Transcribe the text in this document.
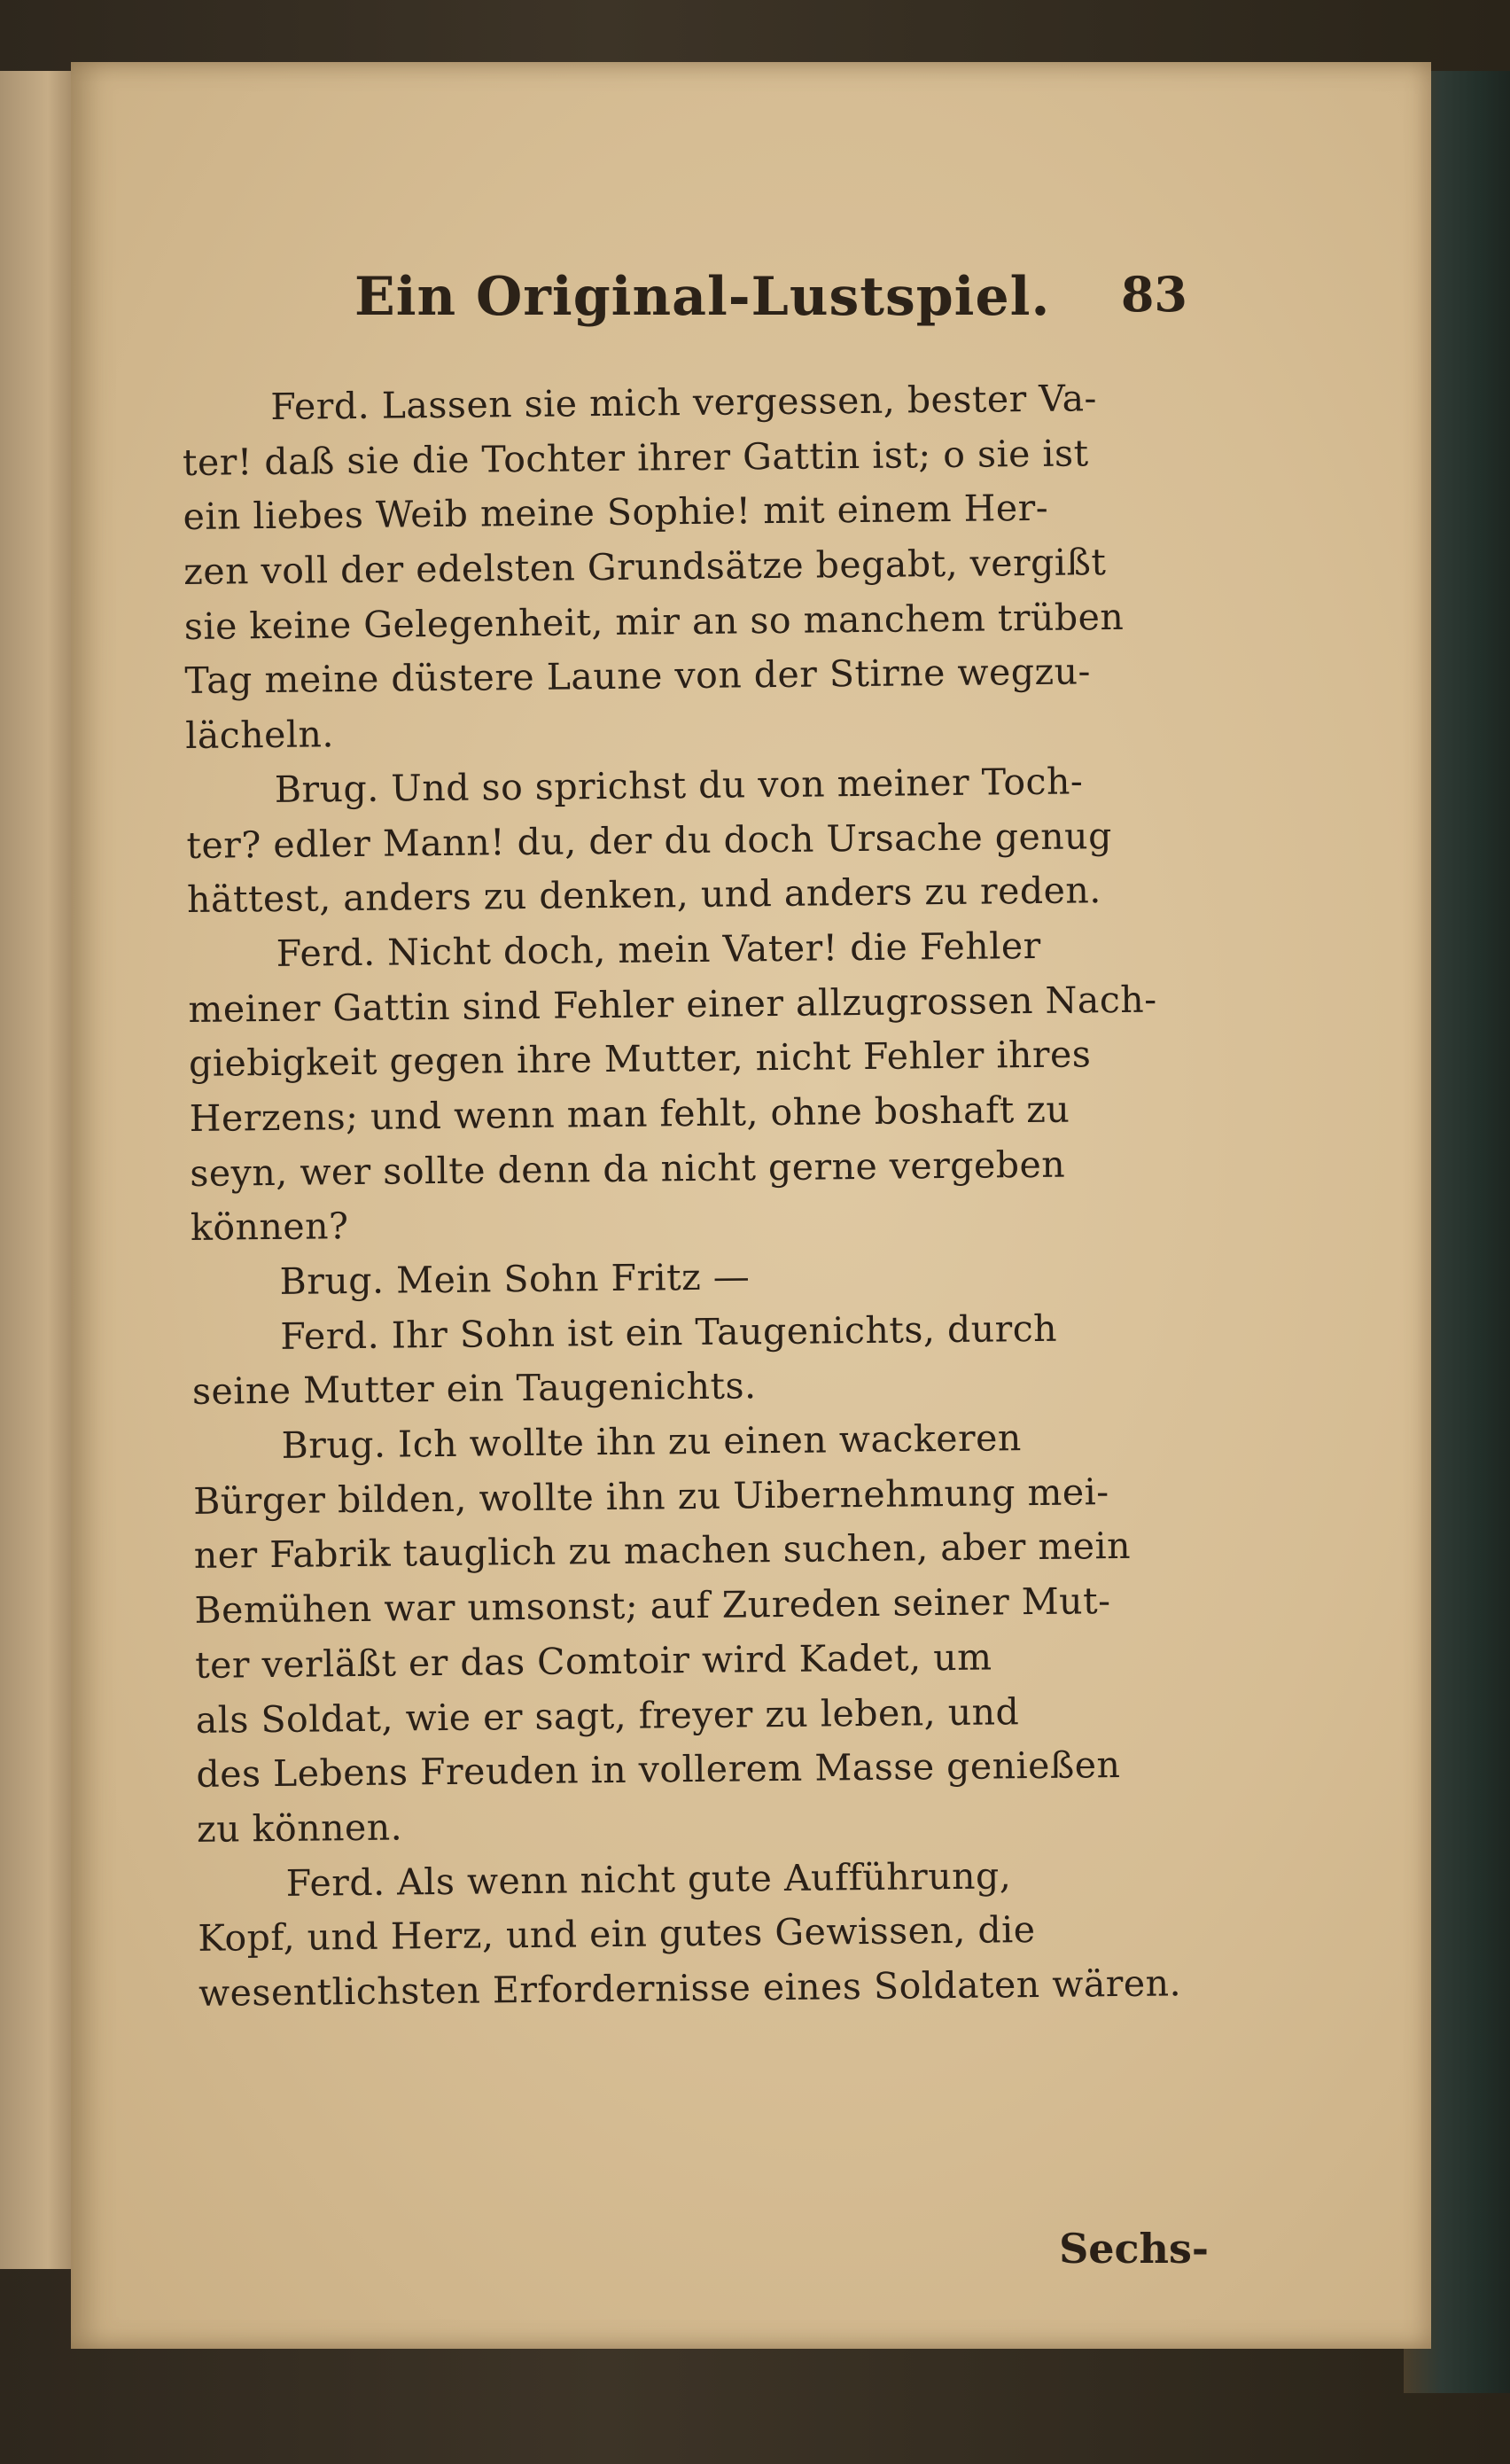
Ein Original-Lustspiel. 83
Ferd. Lassen sie mich vergessen, bester Va-
ter! daß sie die Tochter ihrer Gattin ist; o sie ist
ein liebes Weib meine Sophie! mit einem Her-
zen voll der edelsten Grundsätze begabt, vergißt
sie keine Gelegenheit, mir an so manchem trüben
Tag meine düstere Laune von der Stirne wegzu-
lächeln.
Brug. Und so sprichst du von meiner Toch-
ter? edler Mann! du, der du doch Ursache genug
hättest, anders zu denken, und anders zu reden.
Ferd. Nicht doch, mein Vater! die Fehler
meiner Gattin sind Fehler einer allzugrossen Nach-
giebigkeit gegen ihre Mutter, nicht Fehler ihres
Herzens; und wenn man fehlt, ohne boshaft zu
seyn, wer sollte denn da nicht gerne vergeben
können?
Brug. Mein Sohn Fritz —
Ferd. Ihr Sohn ist ein Taugenichts, durch
seine Mutter ein Taugenichts.
Brug. Ich wollte ihn zu einen wackeren
Bürger bilden, wollte ihn zu Uibernehmung mei-
ner Fabrik tauglich zu machen suchen, aber mein
Bemühen war umsonst; auf Zureden seiner Mut-
ter verläßt er das Comtoir wird Kadet, um
als Soldat, wie er sagt, freyer zu leben, und
des Lebens Freuden in vollerem Masse genießen
zu können.
Ferd. Als wenn nicht gute Aufführung,
Kopf, und Herz, und ein gutes Gewissen, die
wesentlichsten Erfordernisse eines Soldaten wären.
Sechs-
